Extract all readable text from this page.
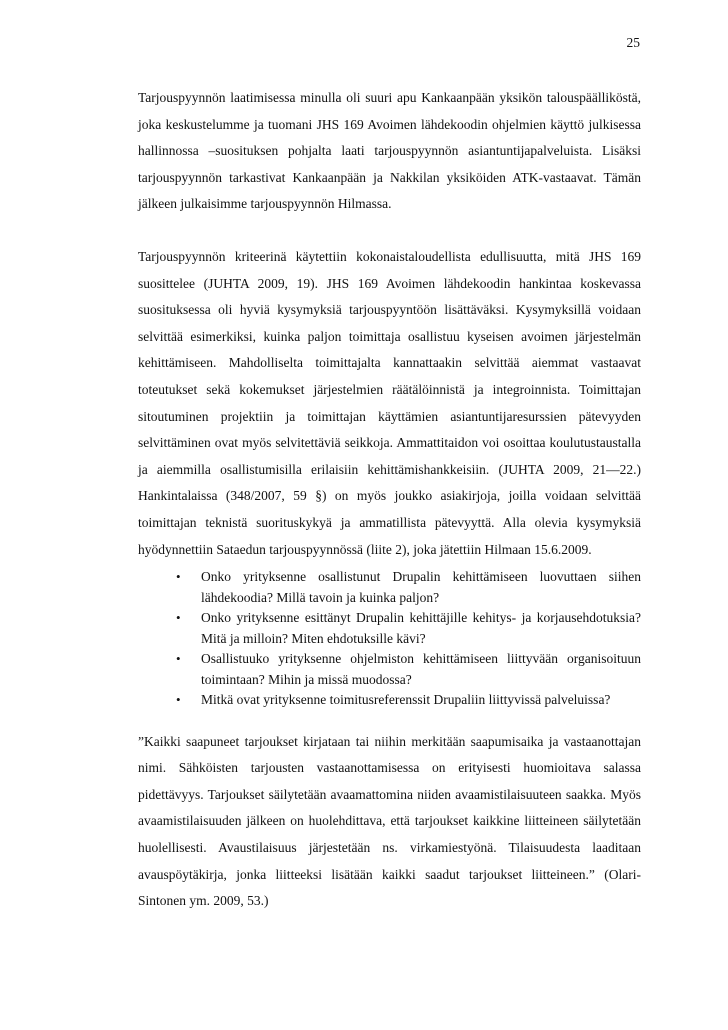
25

Tarjouspyynnön laatimisessa minulla oli suuri apu Kankaanpään yksikön talouspäälliköstä, joka keskustelumme ja tuomani JHS 169 Avoimen lähdekoodin ohjelmien käyttö julkisessa hallinnossa –suosituksen pohjalta laati tarjouspyynnön asiantuntijapalveluista. Lisäksi tarjouspyynnön tarkastivat Kankaanpään ja Nakkilan yksiköiden ATK-vastaavat. Tämän jälkeen julkaisimme tarjouspyynnön Hilmassa.

Tarjouspyynnön kriteerinä käytettiin kokonaistaloudellista edullisuutta, mitä JHS 169 suosittelee (JUHTA 2009, 19). JHS 169 Avoimen lähdekoodin hankintaa koskevassa suosituksessa oli hyviä kysymyksiä tarjouspyyntöön lisättäväksi. Kysymyksillä voidaan selvittää esimerkiksi, kuinka paljon toimittaja osallistuu kyseisen avoimen järjestelmän kehittämiseen. Mahdolliselta toimittajalta kannattaakin selvittää aiemmat vastaavat toteutukset sekä kokemukset järjestelmien räätälöinnistä ja integroinnista. Toimittajan sitoutuminen projektiin ja toimittajan käyttämien asiantuntijaresurssien pätevyyden selvittäminen ovat myös selvitettäviä seikkoja. Ammattitaidon voi osoittaa koulutustaustalla ja aiemmilla osallistumisilla erilaisiin kehittämishankkeisiin. (JUHTA 2009, 21—22.) Hankintalaissa (348/2007, 59 §) on myös joukko asiakirjoja, joilla voidaan selvittää toimittajan teknistä suorituskykyä ja ammatillista pätevyyttä. Alla olevia kysymyksiä hyödynnettiin Sataedun tarjouspyynnössä (liite 2), joka jätettiin Hilmaan 15.6.2009.

• Onko yrityksenne osallistunut Drupalin kehittämiseen luovuttaen siihen lähdekoodia? Millä tavoin ja kuinka paljon?
• Onko yrityksenne esittänyt Drupalin kehittäjille kehitys- ja korjausehdotuksia? Mitä ja milloin? Miten ehdotuksille kävi?
• Osallistuuko yrityksenne ohjelmiston kehittämiseen liittyvään organisoituun toimintaan? Mihin ja missä muodossa?
• Mitkä ovat yrityksenne toimitusreferenssit Drupaliin liittyvissä palveluissa?

”Kaikki saapuneet tarjoukset kirjataan tai niihin merkitään saapumisaika ja vastaanottajan nimi. Sähköisten tarjousten vastaanottamisessa on erityisesti huomioitava salassa pidettävyys. Tarjoukset säilytetään avaamattomina niiden avaamistilaisuuteen saakka. Myös avaamistilaisuuden jälkeen on huolehdittava, että tarjoukset kaikkine liitteineen säilytetään huolellisesti. Avaustilaisuus järjestetään ns. virkamiestyönä. Tilaisuudesta laaditaan avauspöytäkirja, jonka liitteeksi lisätään kaikki saadut tarjoukset liitteineen.” (Olari-Sintonen ym. 2009, 53.)
